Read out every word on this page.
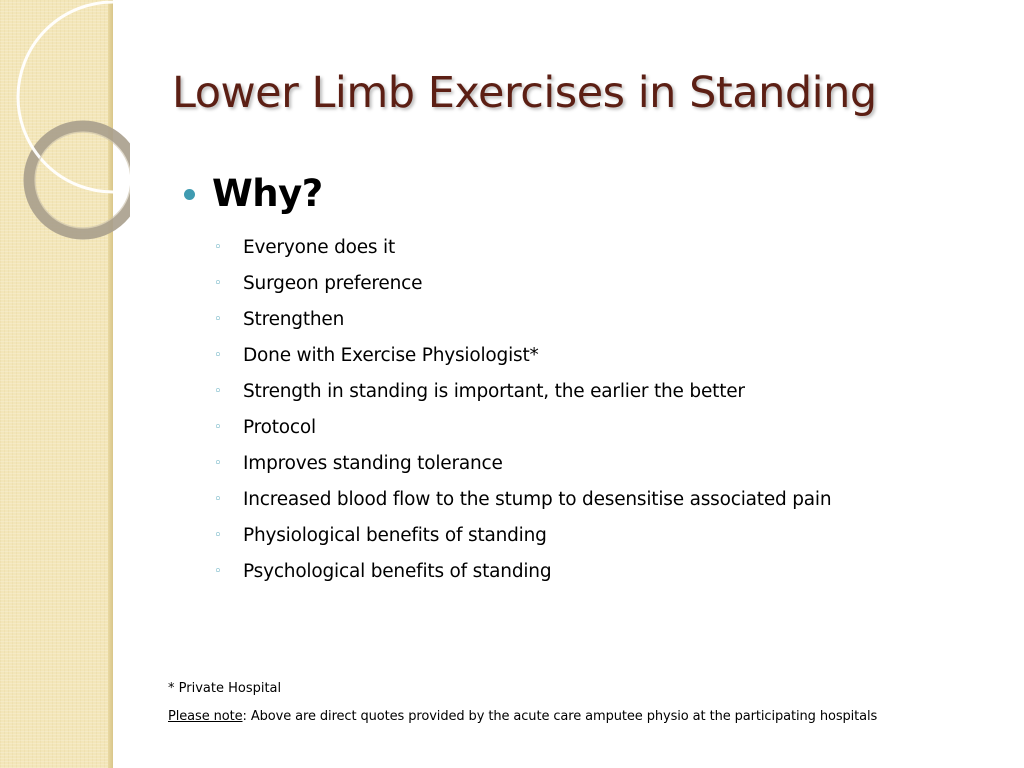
Lower Limb Exercises in Standing
Why?
◦	Everyone does it
◦	Surgeon preference
◦	Strengthen
◦	Done with Exercise Physiologist*
◦	Strength in standing is important, the earlier the better
◦	Protocol
◦	Improves standing tolerance
◦	Increased blood flow to the stump to desensitise associated pain
◦	Physiological benefits of standing
◦	Psychological benefits of standing
* Private Hospital
Please note: Above are direct quotes provided by the acute care amputee physio at the participating hospitals
